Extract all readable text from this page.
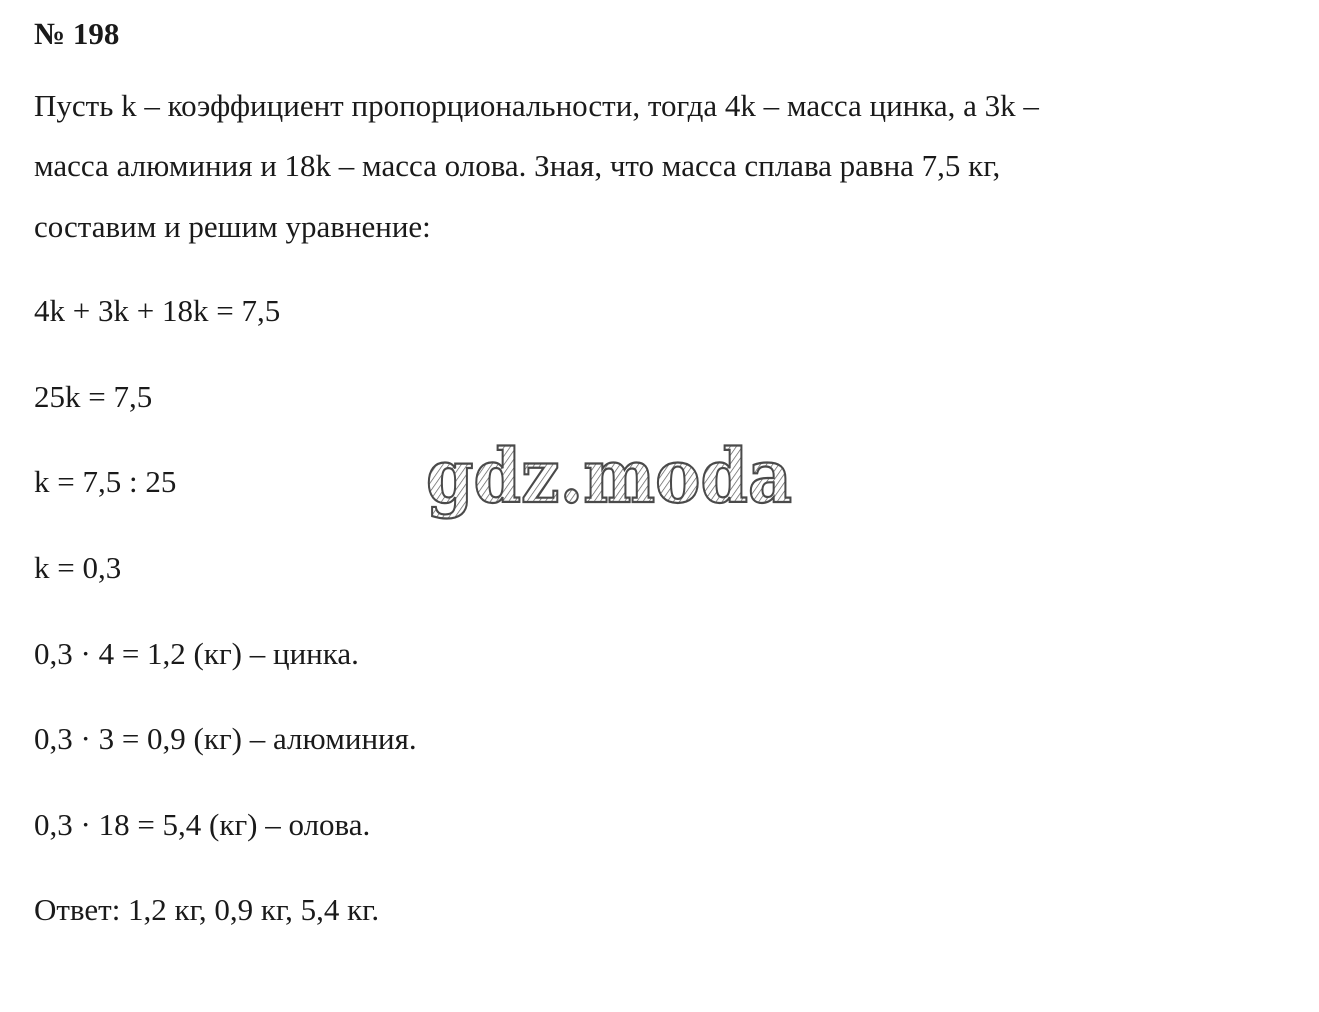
№ 198

Пусть k – коэффициент пропорциональности, тогда 4k – масса цинка, а 3k –

масса алюминия и 18k – масса олова. Зная, что масса сплава равна 7,5 кг,

составим и решим уравнение:

4k + 3k + 18k = 7,5

25k = 7,5

k = 7,5 : 25

k = 0,3

0,3 · 4 = 1,2 (кг) – цинка.

0,3 · 3 = 0,9 (кг) – алюминия.

0,3 · 18 = 5,4 (кг) – олова.

Ответ: 1,2 кг, 0,9 кг, 5,4 кг.

gdz.moda
